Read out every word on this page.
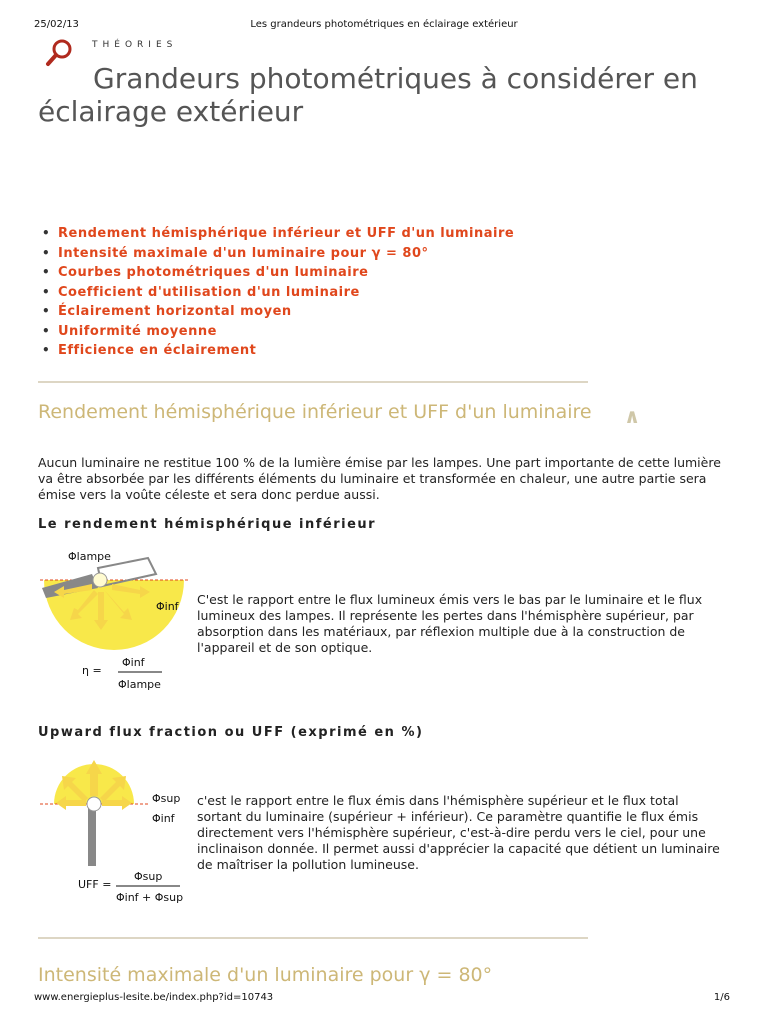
25/02/13	Les grandeurs photométriques en éclairage extérieur
THÉORIES
Grandeurs photométriques à considérer en éclairage extérieur
• Rendement hémisphérique inférieur et UFF d'un luminaire
• Intensité maximale d'un luminaire pour γ = 80°
• Courbes photométriques d'un luminaire
• Coefficient d'utilisation d'un luminaire
• Éclairement horizontal moyen
• Uniformité moyenne
• Efficience en éclairement
Rendement hémisphérique inférieur et UFF d'un luminaire	∧

Aucun luminaire ne restitue 100 % de la lumière émise par les lampes. Une part importante de cette lumière va être absorbée par les différents éléments du luminaire et transformée en chaleur, une autre partie sera émise vers la voûte céleste et sera donc perdue aussi.

Le rendement hémisphérique inférieur
Φlampe
Φinf
η =
Φinf
Φlampe

C'est le rapport entre le flux lumineux émis vers le bas par le luminaire et le flux lumineux des lampes. Il représente les pertes dans l'hémisphère supérieur, par absorption dans les matériaux, par réflexion multiple due à la construction de l'appareil et de son optique.

Upward flux fraction ou UFF (exprimé en %)
Φsup
Φinf
UFF =
Φsup
Φinf + Φsup

c'est le rapport entre le flux émis dans l'hémisphère supérieur et le flux total sortant du luminaire (supérieur + inférieur). Ce paramètre quantifie le flux émis directement vers l'hémisphère supérieur, c'est-à-dire perdu vers le ciel, pour une inclinaison donnée. Il permet aussi d'apprécier la capacité que détient un luminaire de maîtriser la pollution lumineuse.

Intensité maximale d'un luminaire pour γ = 80°
www.energieplus-lesite.be/index.php?id=10743	1/6
